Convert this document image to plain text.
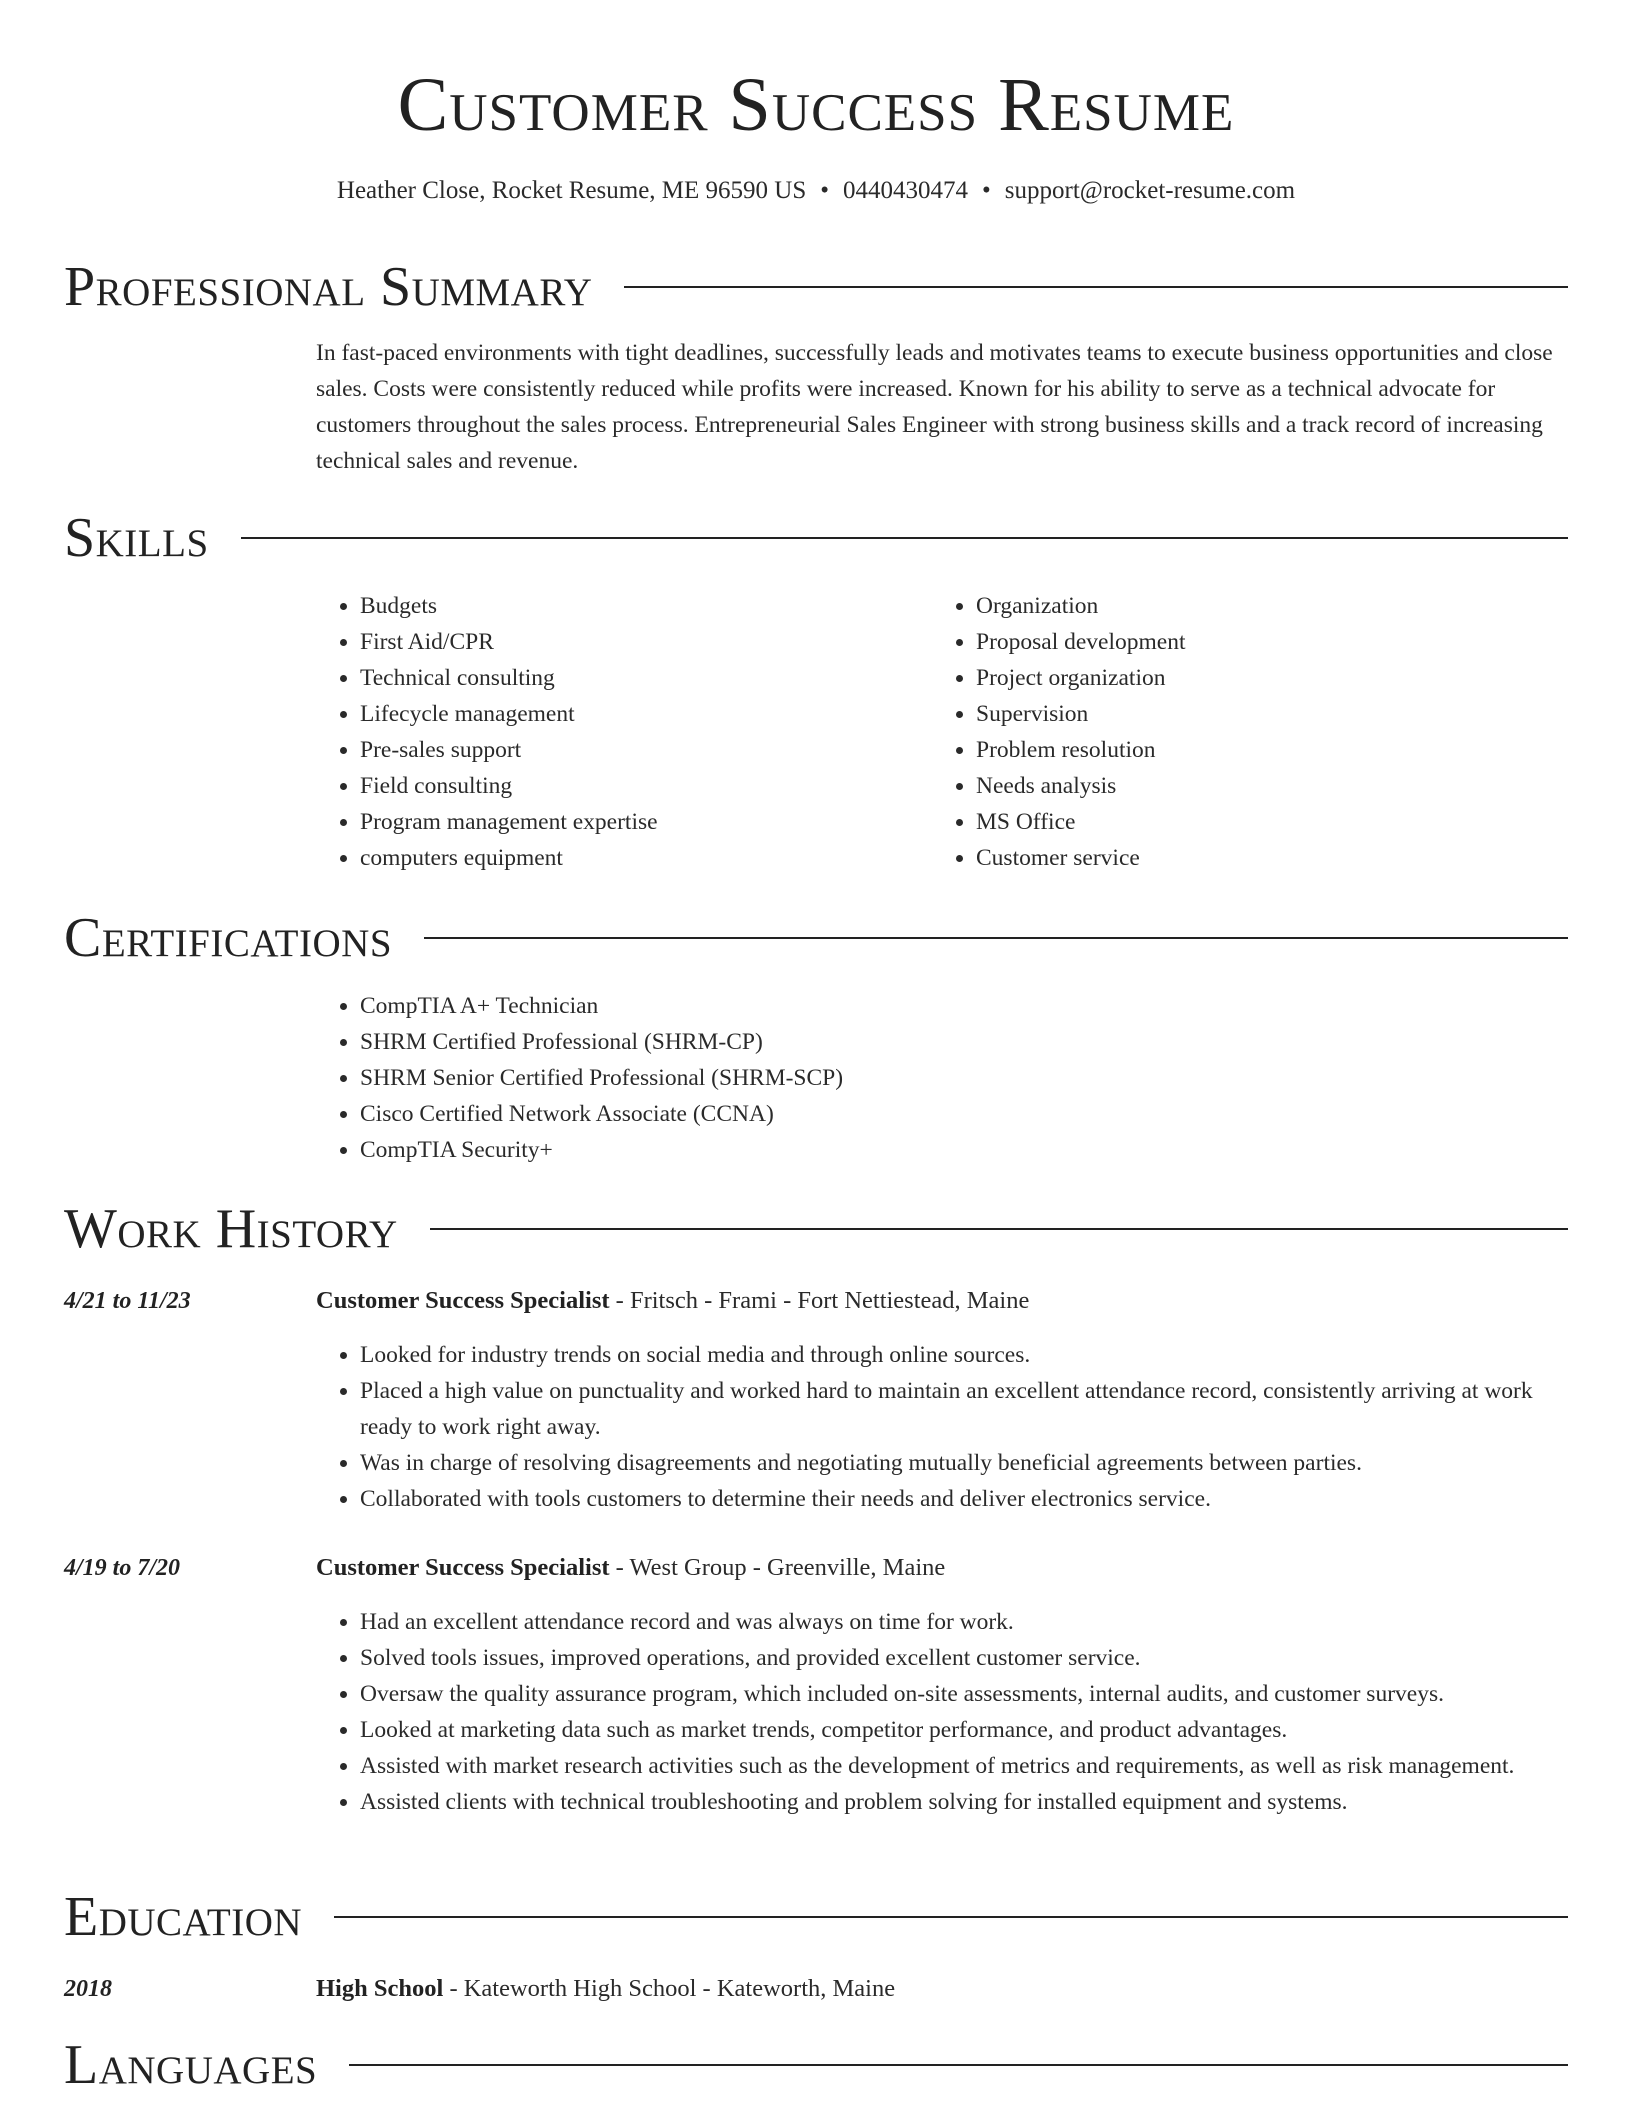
Customer Success Resume
Heather Close, Rocket Resume, ME 96590 US • 0440430474 • support@rocket-resume.com
Professional Summary
In fast-paced environments with tight deadlines, successfully leads and motivates teams to execute business opportunities and close sales. Costs were consistently reduced while profits were increased. Known for his ability to serve as a technical advocate for customers throughout the sales process. Entrepreneurial Sales Engineer with strong business skills and a track record of increasing technical sales and revenue.
Skills
• Budgets
• First Aid/CPR
• Technical consulting
• Lifecycle management
• Pre-sales support
• Field consulting
• Program management expertise
• computers equipment
• Organization
• Proposal development
• Project organization
• Supervision
• Problem resolution
• Needs analysis
• MS Office
• Customer service
Certifications
• CompTIA A+ Technician
• SHRM Certified Professional (SHRM-CP)
• SHRM Senior Certified Professional (SHRM-SCP)
• Cisco Certified Network Associate (CCNA)
• CompTIA Security+
Work History
4/21 to 11/23	Customer Success Specialist - Fritsch - Frami - Fort Nettiestead, Maine
• Looked for industry trends on social media and through online sources.
• Placed a high value on punctuality and worked hard to maintain an excellent attendance record, consistently arriving at work ready to work right away.
• Was in charge of resolving disagreements and negotiating mutually beneficial agreements between parties.
• Collaborated with tools customers to determine their needs and deliver electronics service.
4/19 to 7/20	Customer Success Specialist - West Group - Greenville, Maine
• Had an excellent attendance record and was always on time for work.
• Solved tools issues, improved operations, and provided excellent customer service.
• Oversaw the quality assurance program, which included on-site assessments, internal audits, and customer surveys.
• Looked at marketing data such as market trends, competitor performance, and product advantages.
• Assisted with market research activities such as the development of metrics and requirements, as well as risk management.
• Assisted clients with technical troubleshooting and problem solving for installed equipment and systems.
Education
2018	High School - Kateworth High School - Kateworth, Maine
Languages
